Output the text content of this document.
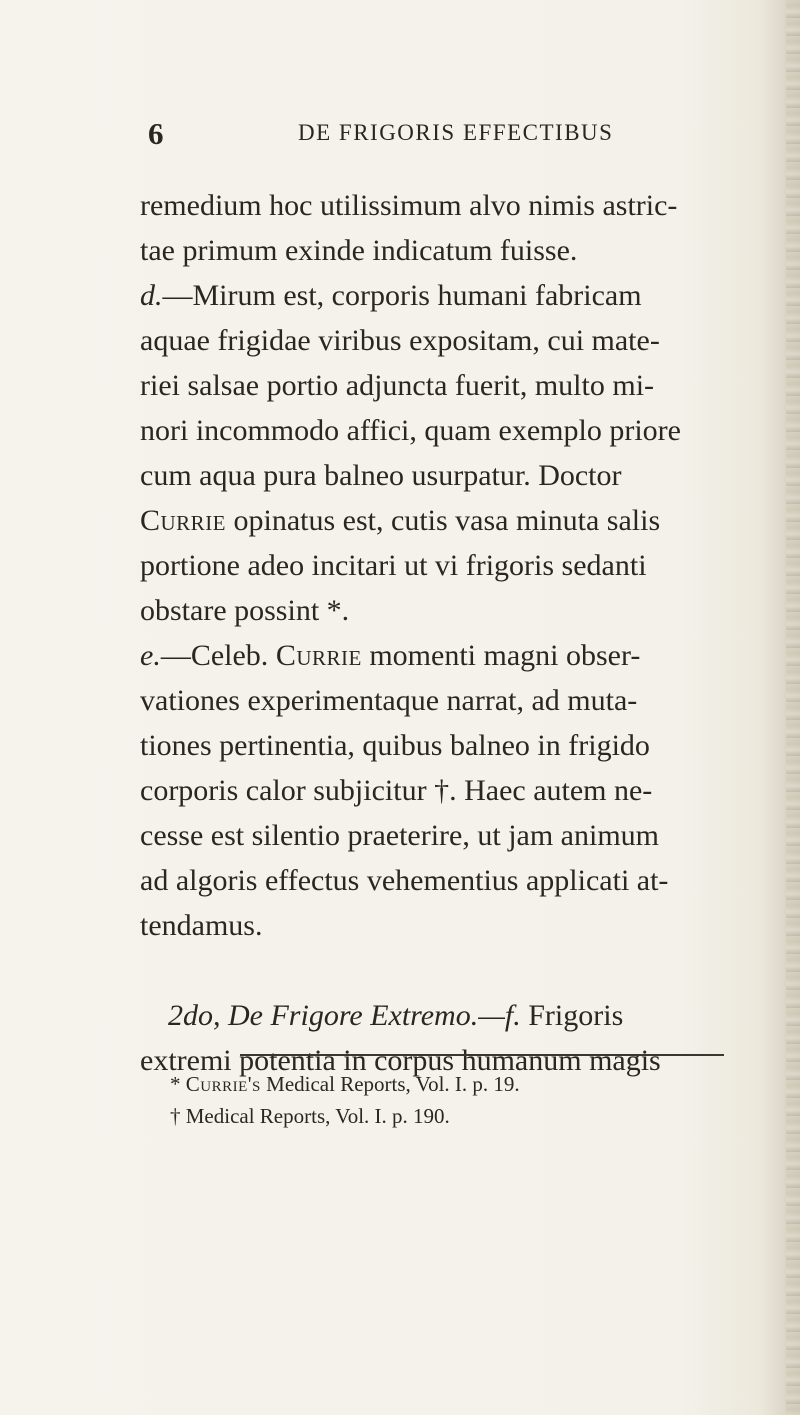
6	DE FRIGORIS EFFECTIBUS
remedium hoc utilissimum alvo nimis astric-
tae primum exinde indicatum fuisse.
d.—Mirum est, corporis humani fabricam
aquae frigidae viribus expositam, cui mate-
riei salsae portio adjuncta fuerit, multo mi-
nori incommodo affici, quam exemplo priore
cum aqua pura balneo usurpatur. Doctor
Currie opinatus est, cutis vasa minuta salis
portione adeo incitari ut vi frigoris sedanti
obstare possint *.
e.—Celeb. Currie momenti magni obser-
vationes experimentaque narrat, ad muta-
tiones pertinentia, quibus balneo in frigido
corporis calor subjicitur †. Haec autem ne-
cesse est silentio praeterire, ut jam animum
ad algoris effectus vehementius applicati at-
tendamus.
2do, De Frigore Extremo.—f. Frigoris
extremi potentia in corpus humanum magis
* Currie's Medical Reports, Vol. I. p. 19.
† Medical Reports, Vol. I. p. 190.
